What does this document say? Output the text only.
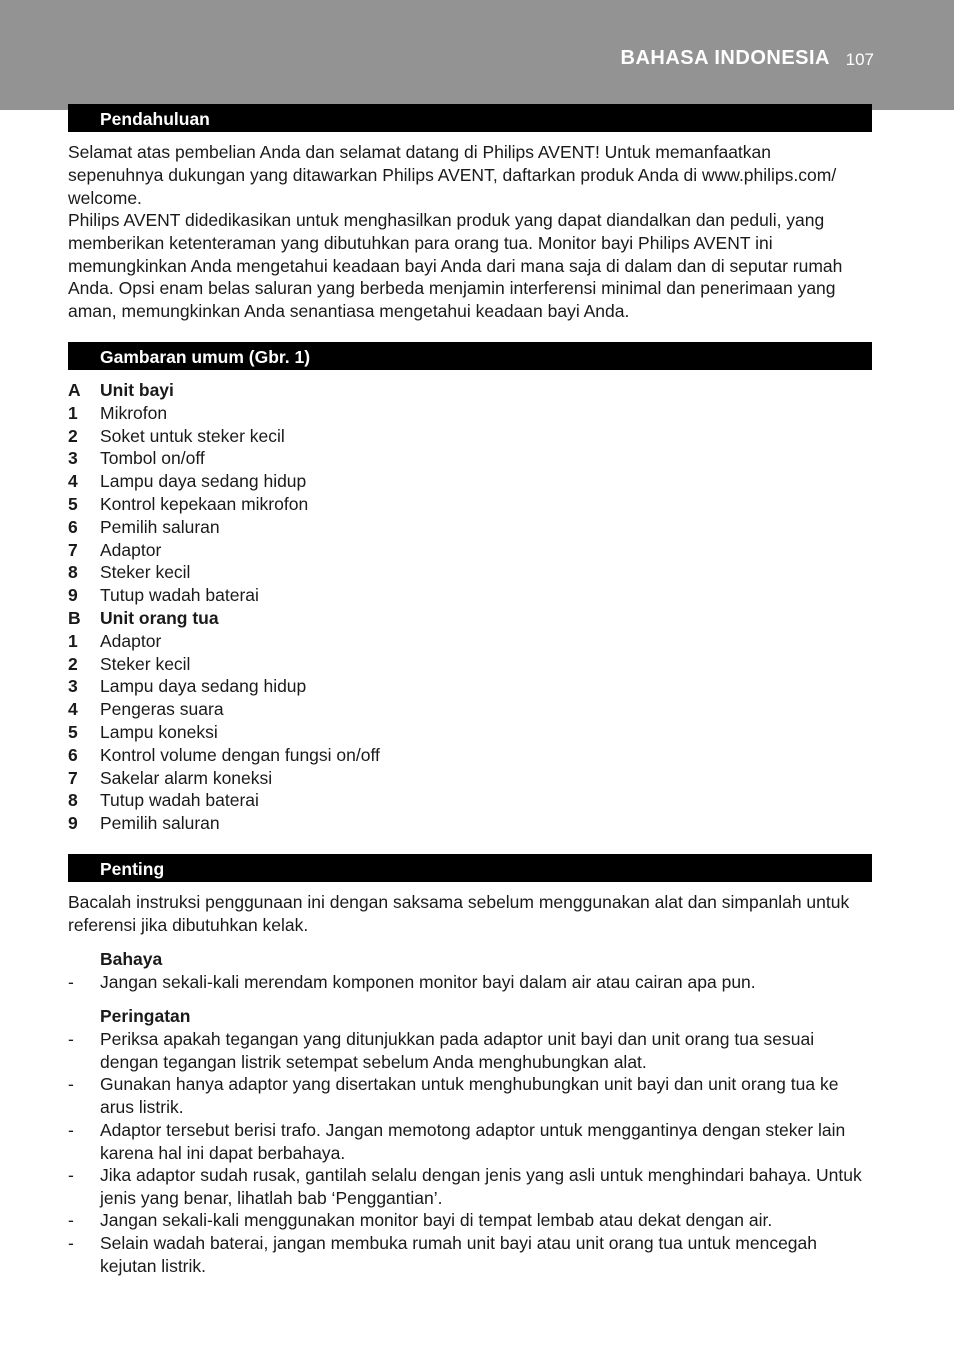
BAHASA INDONESIA 107
Pendahuluan
Selamat atas pembelian Anda dan selamat datang di Philips AVENT! Untuk memanfaatkan
sepenuhnya dukungan yang ditawarkan Philips AVENT, daftarkan produk Anda di www.philips.com/
welcome.
Philips AVENT didedikasikan untuk menghasilkan produk yang dapat diandalkan dan peduli, yang
memberikan ketenteraman yang dibutuhkan para orang tua. Monitor bayi Philips AVENT ini
memungkinkan Anda mengetahui keadaan bayi Anda dari mana saja di dalam dan di seputar rumah
Anda. Opsi enam belas saluran yang berbeda menjamin interferensi minimal dan penerimaan yang
aman, memungkinkan Anda senantiasa mengetahui keadaan bayi Anda.
Gambaran umum (Gbr. 1)
A Unit bayi
1 Mikrofon
2 Soket untuk steker kecil
3 Tombol on/off
4 Lampu daya sedang hidup
5 Kontrol kepekaan mikrofon
6 Pemilih saluran
7 Adaptor
8 Steker kecil
9 Tutup wadah baterai
B Unit orang tua
1 Adaptor
2 Steker kecil
3 Lampu daya sedang hidup
4 Pengeras suara
5 Lampu koneksi
6 Kontrol volume dengan fungsi on/off
7 Sakelar alarm koneksi
8 Tutup wadah baterai
9 Pemilih saluran
Penting
Bacalah instruksi penggunaan ini dengan saksama sebelum menggunakan alat dan simpanlah untuk
referensi jika dibutuhkan kelak.
Bahaya
- Jangan sekali-kali merendam komponen monitor bayi dalam air atau cairan apa pun.
Peringatan
- Periksa apakah tegangan yang ditunjukkan pada adaptor unit bayi dan unit orang tua sesuai
dengan tegangan listrik setempat sebelum Anda menghubungkan alat.
- Gunakan hanya adaptor yang disertakan untuk menghubungkan unit bayi dan unit orang tua ke
arus listrik.
- Adaptor tersebut berisi trafo. Jangan memotong adaptor untuk menggantinya dengan steker lain
karena hal ini dapat berbahaya.
- Jika adaptor sudah rusak, gantilah selalu dengan jenis yang asli untuk menghindari bahaya. Untuk
jenis yang benar, lihatlah bab ‘Penggantian’.
- Jangan sekali-kali menggunakan monitor bayi di tempat lembab atau dekat dengan air.
- Selain wadah baterai, jangan membuka rumah unit bayi atau unit orang tua untuk mencegah
kejutan listrik.
